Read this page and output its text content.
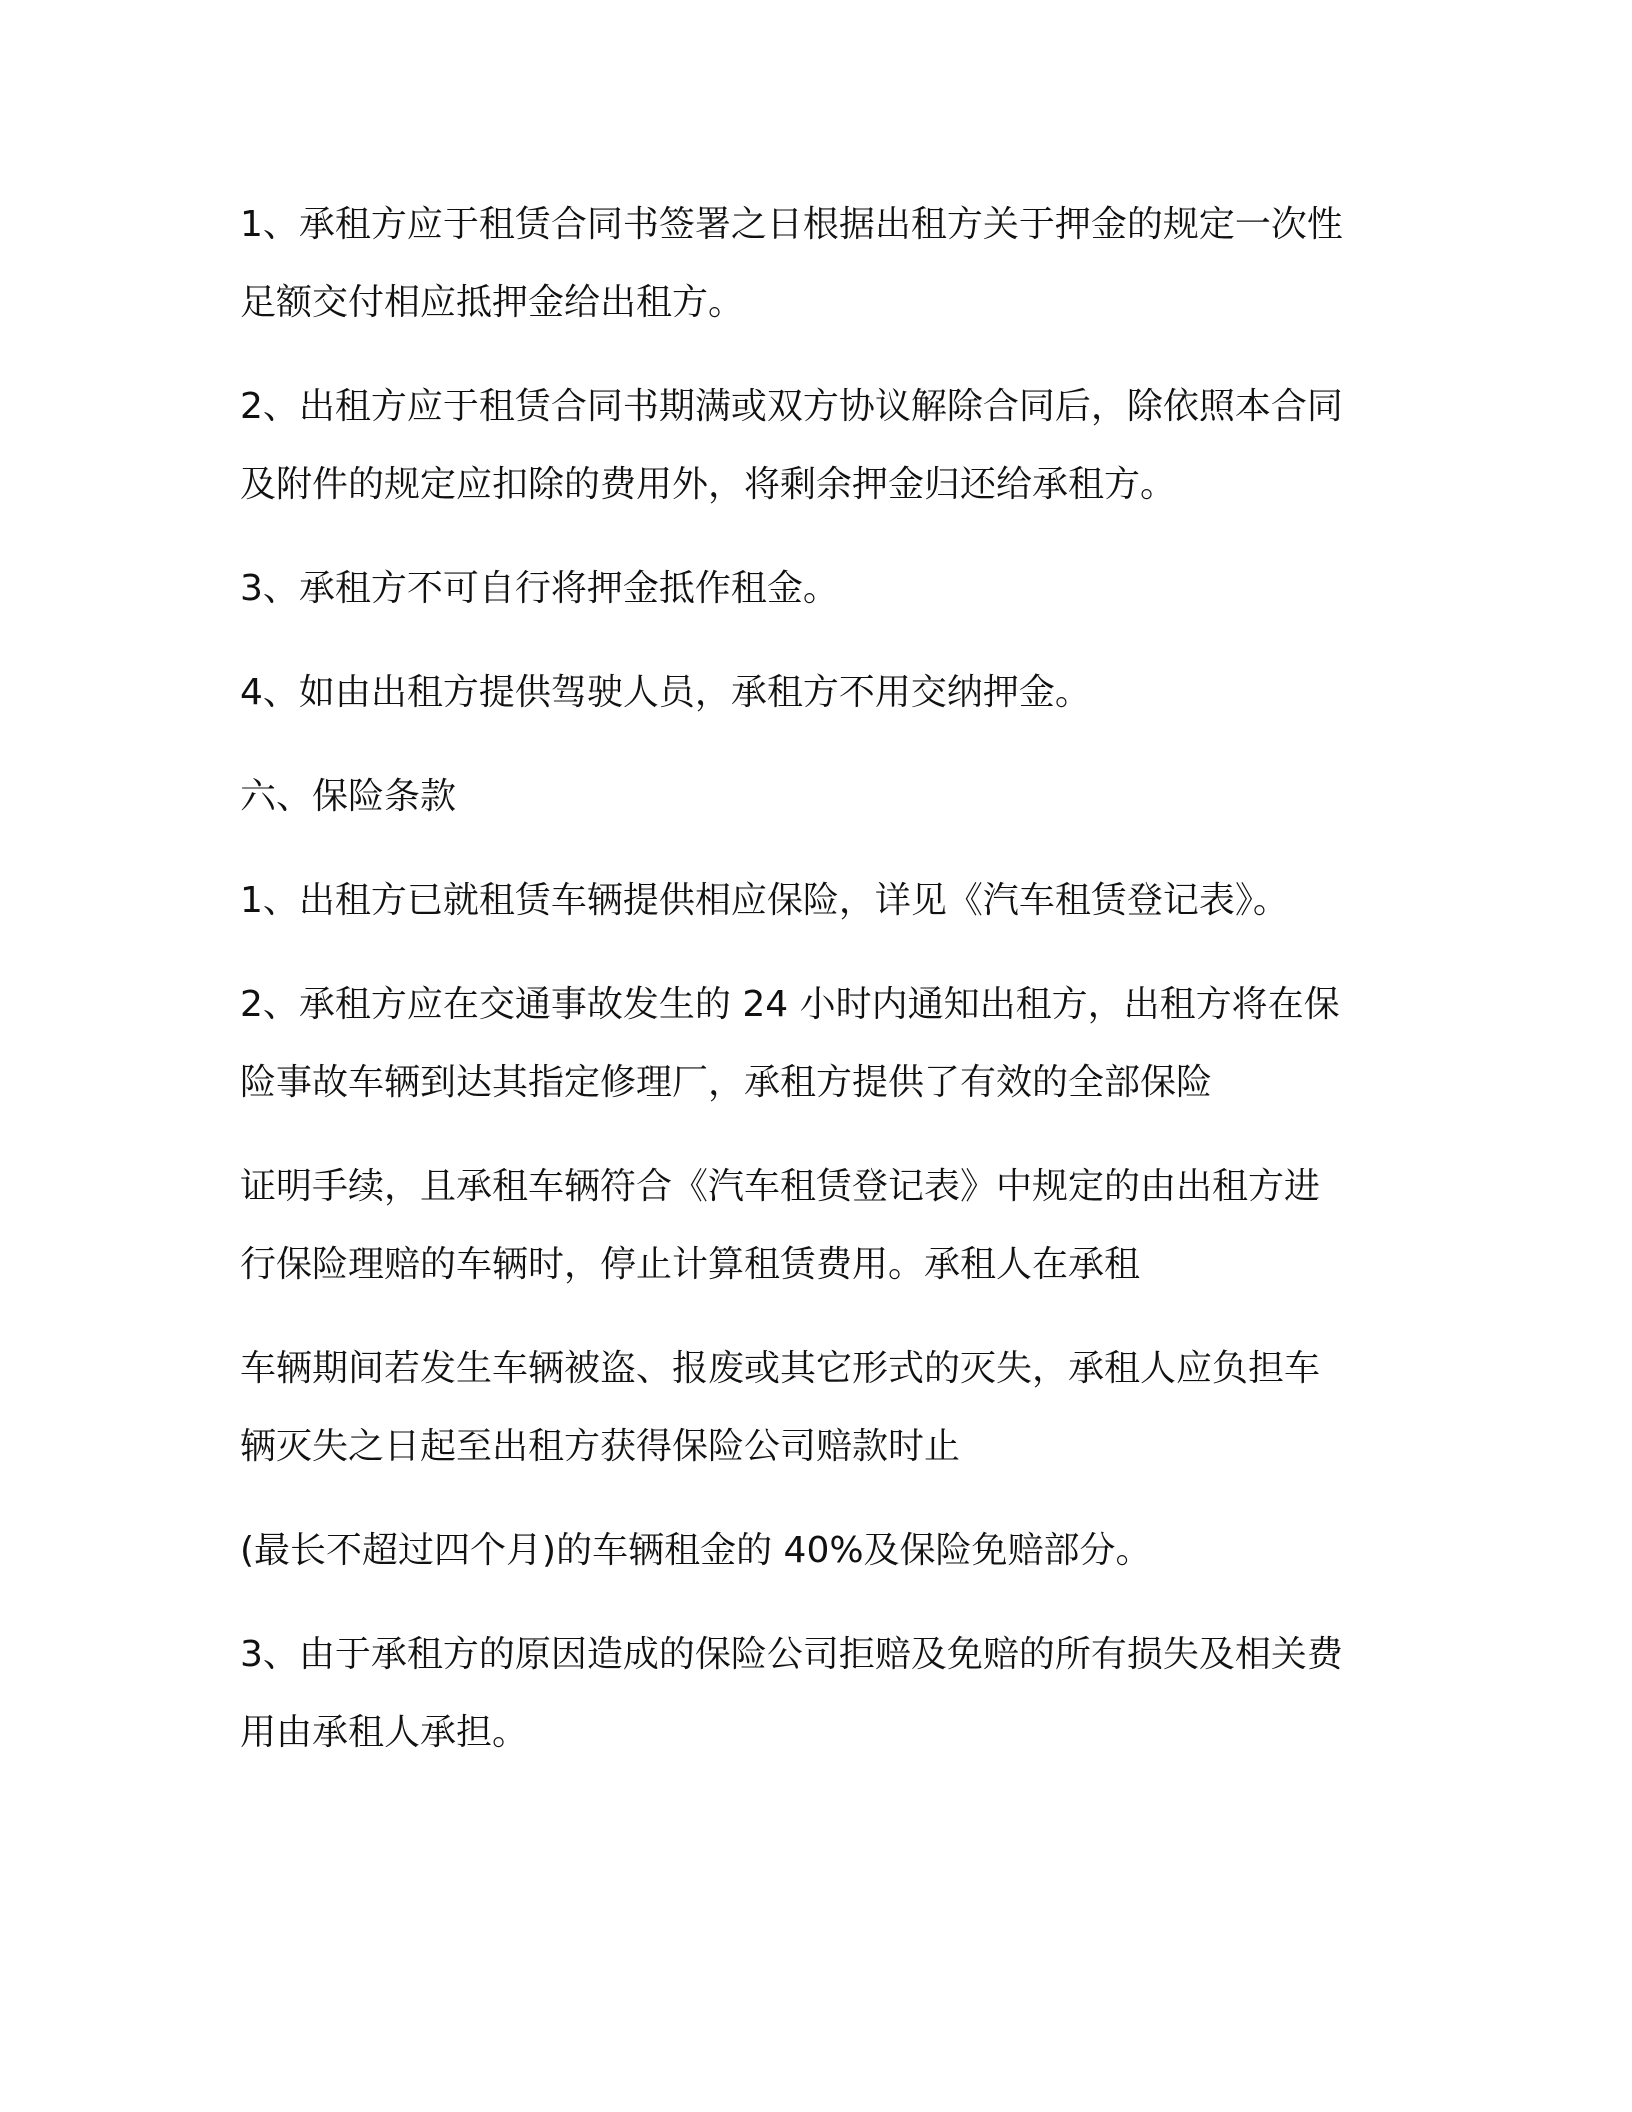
1、承租方应于租赁合同书签署之日根据出租方关于押金的规定一次性
足额交付相应抵押金给出租方。

2、出租方应于租赁合同书期满或双方协议解除合同后，除依照本合同
及附件的规定应扣除的费用外，将剩余押金归还给承租方。

3、承租方不可自行将押金抵作租金。

4、如由出租方提供驾驶人员，承租方不用交纳押金。

六、保险条款

1、出租方已就租赁车辆提供相应保险，详见《汽车租赁登记表》。

2、承租方应在交通事故发生的 24 小时内通知出租方，出租方将在保
险事故车辆到达其指定修理厂，承租方提供了有效的全部保险

证明手续，且承租车辆符合《汽车租赁登记表》中规定的由出租方进
行保险理赔的车辆时，停止计算租赁费用。承租人在承租

车辆期间若发生车辆被盗、报废或其它形式的灭失，承租人应负担车
辆灭失之日起至出租方获得保险公司赔款时止

(最长不超过四个月)的车辆租金的 40%及保险免赔部分。

3、由于承租方的原因造成的保险公司拒赔及免赔的所有损失及相关费
用由承租人承担。
